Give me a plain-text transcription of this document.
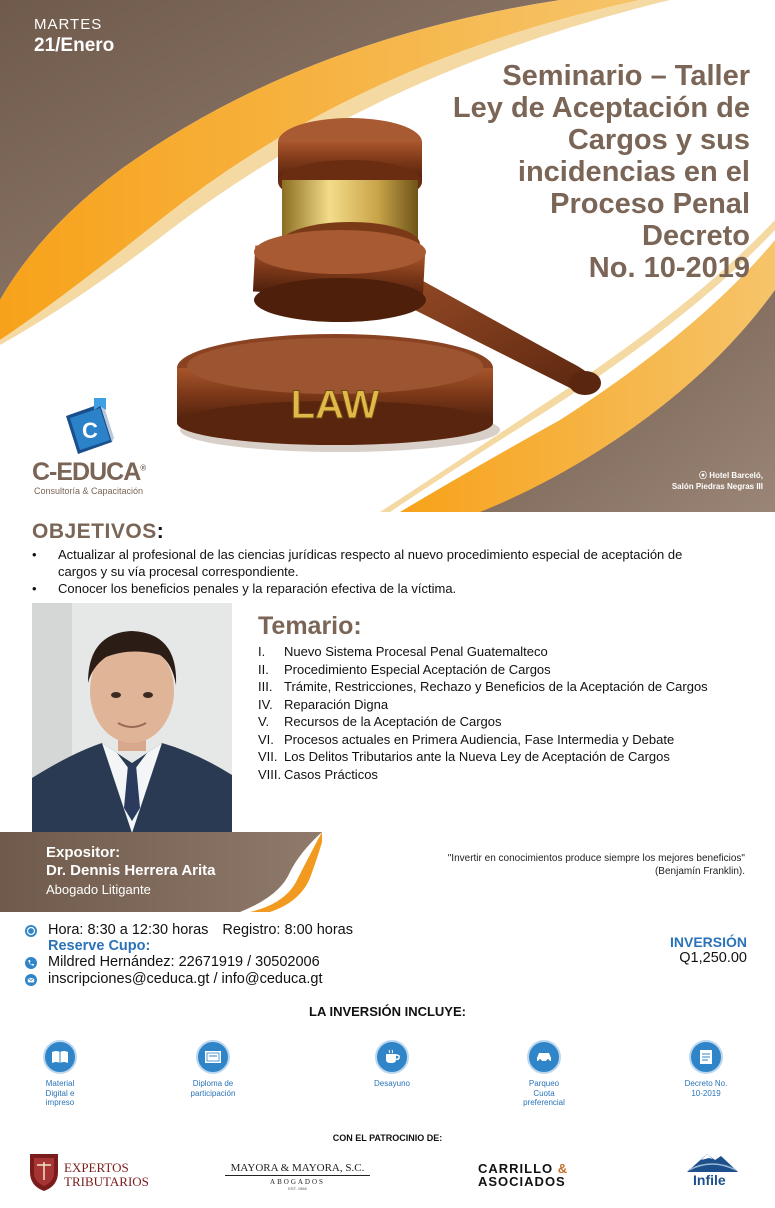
MARTES
21/Enero
Seminario – Taller
Ley de Aceptación de
Cargos y sus
incidencias en el
Proceso Penal
Decreto
No. 10-2019
LAW
C
C-EDUCA®
Consultoría & Capacitación
⦿ Hotel Barceló,
Salón Piedras Negras III
OBJETIVOS:
• Actualizar al profesional de las ciencias jurídicas respecto al nuevo procedimiento especial de aceptación de cargos y su vía procesal correspondiente.
• Conocer los beneficios penales y la reparación efectiva de la víctima.
Temario:
I.	Nuevo Sistema Procesal Penal Guatemalteco
II.	Procedimiento Especial Aceptación de Cargos
III. Trámite, Restricciones, Rechazo y Beneficios de la Aceptación de Cargos
IV. Reparación Digna
V.	Recursos de la Aceptación de Cargos
VI. Procesos actuales en Primera Audiencia, Fase Intermedia y Debate
VII. Los Delitos Tributarios ante la Nueva Ley de Aceptación de Cargos
VIII. Casos Prácticos
Expositor:
Dr. Dennis Herrera Arita
Abogado Litigante
"Invertir en conocimientos produce siempre los mejores beneficios"
(Benjamín Franklin).
Hora: 8:30 a 12:30 horas Registro: 8:00 horas
Reserve Cupo:
Mildred Hernández: 22671919 / 30502006
inscripciones@ceduca.gt / info@ceduca.gt
INVERSIÓN
Q1,250.00
LA INVERSIÓN INCLUYE:
Material
Digital e
impreso
Diploma de
participación
Desayuno	Parqueo
Cuota
preferencial
Decreto No.
10-2019
CON EL PATROCINIO DE:
EXPERTOS
TRIBUTARIOS
MAYORA & MAYORA, S.C.
ABOGADOS
EST. 1966
CARRILLO &
ASOCIADOS	Infile
